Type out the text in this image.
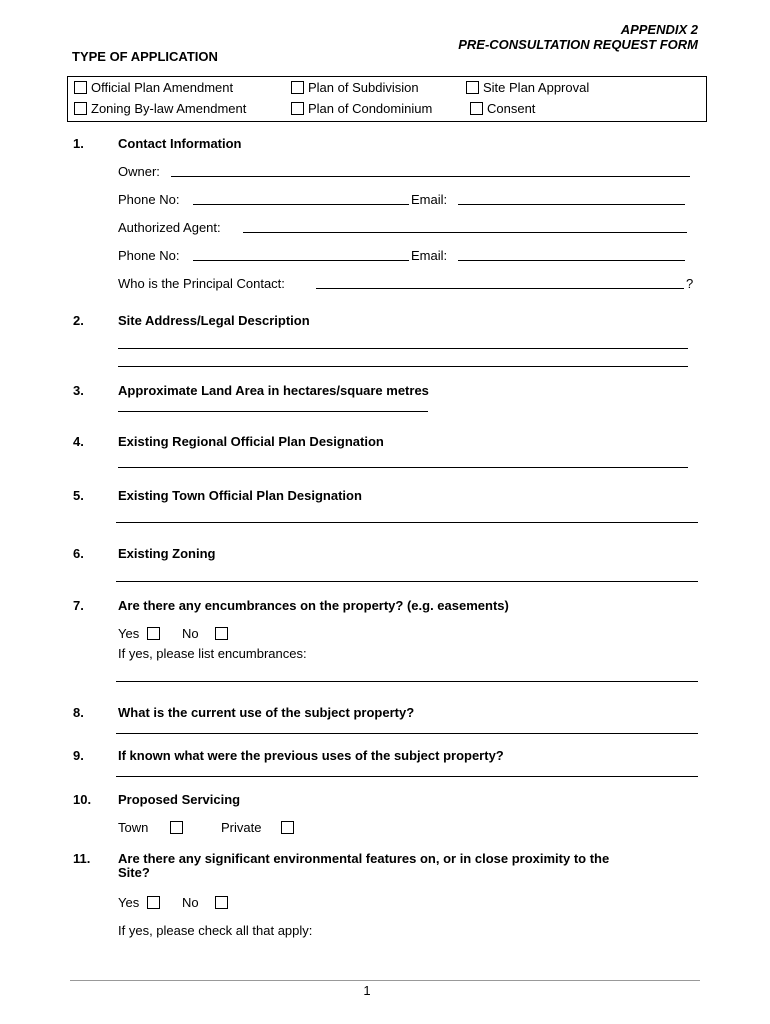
APPENDIX 2
PRE-CONSULTATION REQUEST FORM
TYPE OF APPLICATION
Official Plan Amendment	Plan of Subdivision	Site Plan Approval
Zoning By-law Amendment	Plan of Condominium	Consent
1.	Contact Information
Owner:
Phone No:	Email:
Authorized Agent:
Phone No:	Email:
Who is the Principal Contact:	?
2.	Site Address/Legal Description
3.	Approximate Land Area in hectares/square metres
4.	Existing Regional Official Plan Designation
5.	Existing Town Official Plan Designation
6.	Existing Zoning
7.	Are there any encumbrances on the property? (e.g. easements)
Yes	No
If yes, please list encumbrances:
8.	What is the current use of the subject property?
9.	If known what were the previous uses of the subject property?
10. Proposed Servicing
Town	Private
11. Are there any significant environmental features on, or in close proximity to the
Site?
Yes	No
If yes, please check all that apply:
1
